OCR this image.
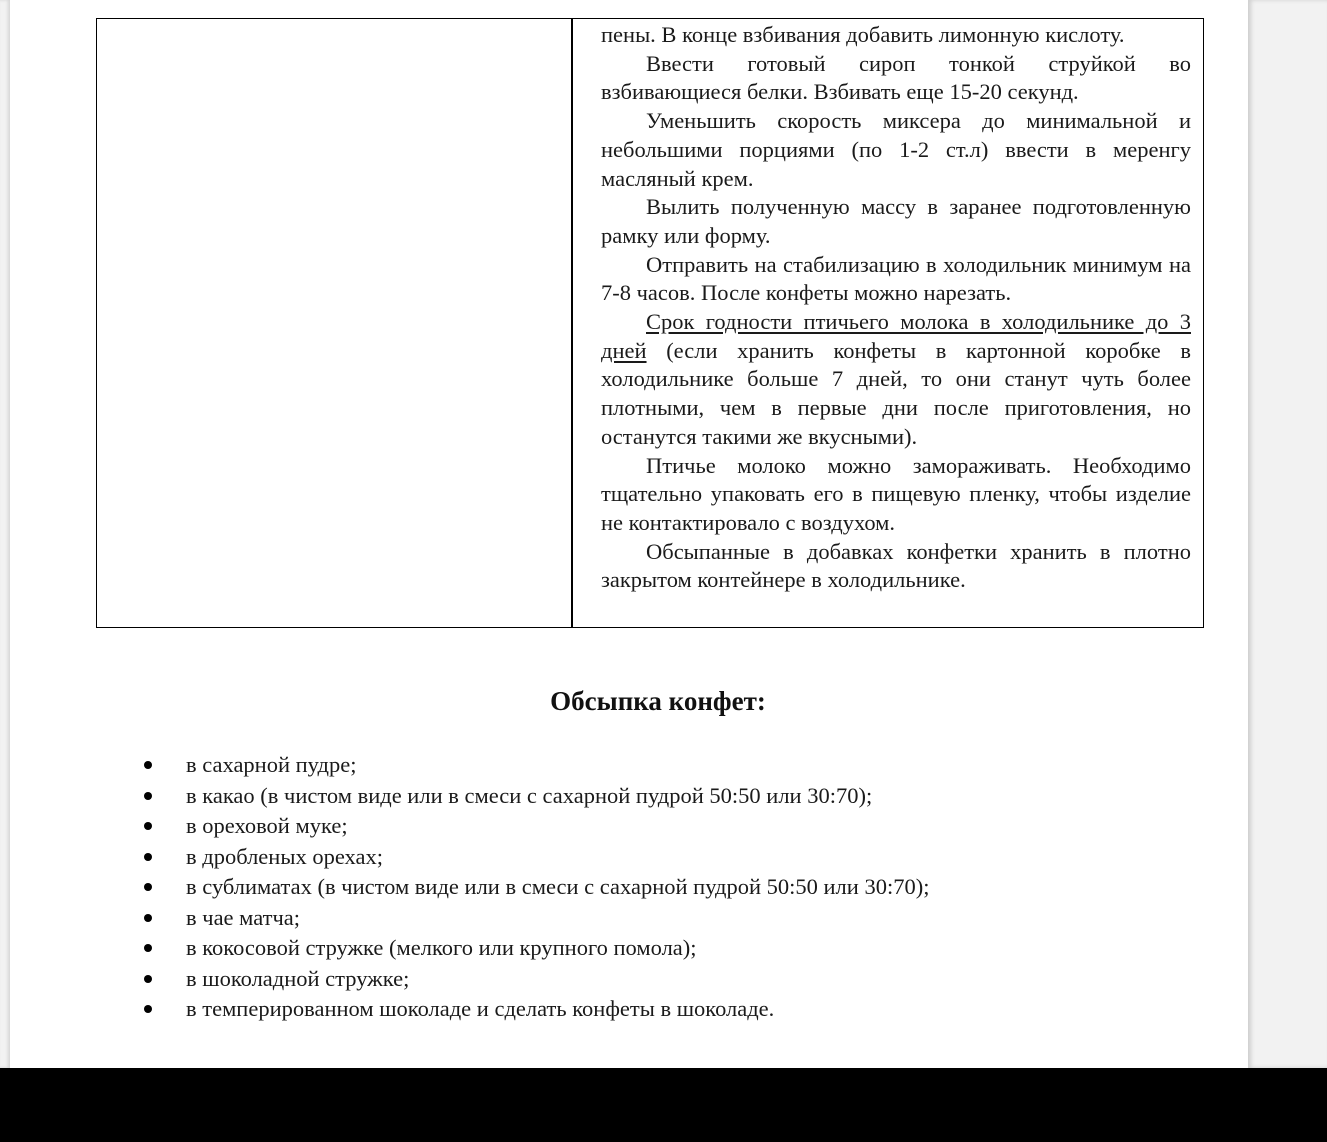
пены. В конце взбивания добавить лимонную кислоту.

Ввести готовый сироп тонкой струйкой во взбивающиеся белки. Взбивать еще 15-20 секунд.

Уменьшить скорость миксера до минимальной и небольшими порциями (по 1-2 ст.л) ввести в меренгу масляный крем.

Вылить полученную массу в заранее подготовленную рамку или форму.

Отправить на стабилизацию в холодильник минимум на 7-8 часов. После конфеты можно нарезать.

Срок годности птичьего молока в холодильнике до 3 дней (если хранить конфеты в картонной коробке в холодильнике больше 7 дней, то они станут чуть более плотными, чем в первые дни после приготовления, но останутся такими же вкусными).

Птичье молоко можно замораживать. Необходимо тщательно упаковать его в пищевую пленку, чтобы изделие не контактировало с воздухом.

Обсыпанные в добавках конфетки хранить в плотно закрытом контейнере в холодильнике.

Обсыпка конфет:
в сахарной пудре;
в какао (в чистом виде или в смеси с сахарной пудрой 50:50 или 30:70);
в ореховой муке;
в дробленых орехах;
в сублиматах (в чистом виде или в смеси с сахарной пудрой 50:50 или 30:70);
в чае матча;
в кокосовой стружке (мелкого или крупного помола);
в шоколадной стружке;
в темперированном шоколаде и сделать конфеты в шоколаде.
